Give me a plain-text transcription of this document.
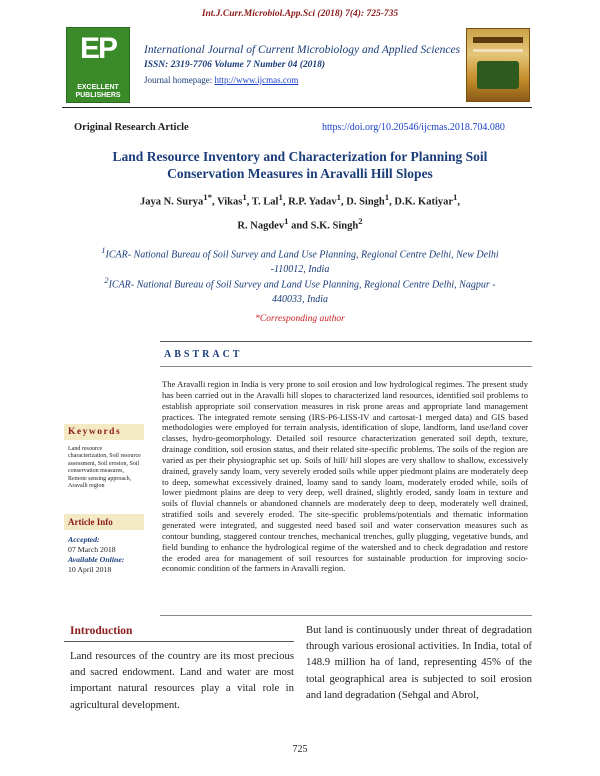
Int.J.Curr.Microbiol.App.Sci (2018) 7(4): 725-735
EP
EXCELLENT PUBLISHERS
International Journal of Current Microbiology and Applied Sciences
ISSN: 2319-7706 Volume 7 Number 04 (2018)
Journal homepage: http://www.ijcmas.com
Original Research Article	https://doi.org/10.20546/ijcmas.2018.704.080
Land Resource Inventory and Characterization for Planning Soil Conservation Measures in Aravalli Hill Slopes
Jaya N. Surya$^{1*}$, Vikas$^1$, T. Lal$^1$, R.P. Yadav$^1$, D. Singh$^1$, D.K. Katiyar$^1$,
R. Nagdev$^1$ and S.K. Singh$^2$
$^1$ICAR- National Bureau of Soil Survey and Land Use Planning, Regional Centre Delhi, New Delhi -110012, India
$^2$ICAR- National Bureau of Soil Survey and Land Use Planning, Regional Centre Delhi, Nagpur - 440033, India
*Corresponding author
ABSTRACT
The Aravalli region in India is very prone to soil erosion and low hydrological regimes. The present study has been carried out in the Aravalli hill slopes to characterized land resources, identified soil problems to establish appropriate soil conservation measures in risk prone areas and appropriate land management practices. The integrated remote sensing (IRS-P6-LISS-IV and cartosat-1 merged data) and GIS based methodologies were employed for terrain analysis, identification of slope, landform, land use/land cover classes, hydro-geomorphology. Detailed soil resource characterization generated soil depth, texture, drainage condition, soil erosion status, and their related site-specific problems. The soils of the region are varied as per their physiographic set up. Soils of hill/ hill slopes are very shallow to shallow, excessively drained, gravely sandy loam, very severely eroded soils while upper piedmont plains are moderately deep to deep, somewhat excessively drained, loamy sand to sandy loam, moderately eroded while, soils of lower piedmont plains are deep to very deep, well drained, slightly eroded, sandy loam in texture and soils of fluvial channels or abandoned channels are moderately deep to deep, moderately well drained, stratified soils and severely eroded. The site-specific problems/potentials and thematic information generated were integrated, and suggested need based soil and water conservation measures such as contour bunding, staggered contour trenches, mechanical trenches, gully plugging, vegetative bunds, and field bunding to enhance the hydrological regime of the watershed and to check degradation and restore the eroded area for management of soil resources for sustainable production for improving socio-economic condition of the farmers in Aravalli region.
Keywords
Land resource characterization, Soil resource assessment, Soil erosion, Soil conservation measures, Remote sensing approach, Aravalli region
Article Info
Accepted:
07 March 2018
Available Online:
10 April 2018
Introduction
Land resources of the country are its most precious and sacred endowment. Land and water are most important natural resources play a vital role in agricultural development.
But land is continuously under threat of degradation through various erosional activities. In India, total of 148.9 million ha of land, representing 45% of the total geographical area is subjected to soil erosion and land degradation (Sehgal and Abrol,
725
